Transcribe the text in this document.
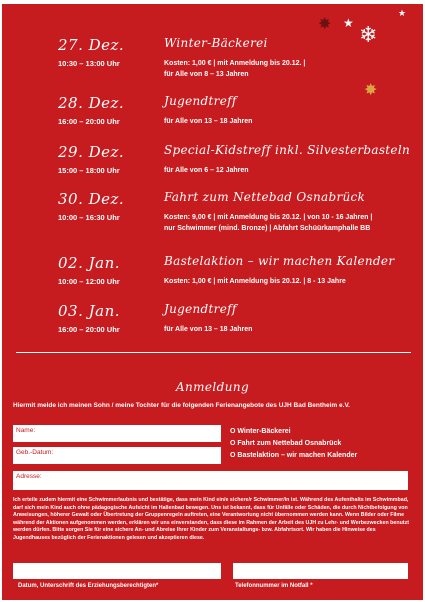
✸ ★
★
❄
✸
27. Dez.
10:30 – 13:00 Uhr
Winter-Bäckerei
Kosten: 1,00 € | mit Anmeldung bis 20.12. |
für Alle von 8 – 13 Jahren
28. Dez.
16:00 – 20:00 Uhr
Jugendtreff
für Alle von 13 – 18 Jahren
29. Dez.
15:00 – 18:00 Uhr
Special-Kidstreff inkl. Silvesterbasteln
für Alle von 6 – 12 Jahren
30. Dez.
10:00 – 16:30 Uhr
Fahrt zum Nettebad Osnabrück
Kosten: 9,00 € | mit Anmeldung bis 20.12. | von 10 - 16 Jahren |
nur Schwimmer (mind. Bronze) | Abfahrt Schüürkamphalle BB
02. Jan.
10:00 – 12:00 Uhr
Bastelaktion – wir machen Kalender
Kosten: 1,00 € | mit Anmeldung bis 20.12. | 8 - 13 Jahre
03. Jan.
16:00 – 20:00 Uhr
Jugendtreff
für Alle von 13 – 18 Jahren
Anmeldung
Hiermit melde ich meinen Sohn / meine Tochter für die folgenden Ferienangebote des UJH Bad Bentheim e.V.
Name:
Geb.-Datum:
Adresse:
O Winter-Bäckerei
O Fahrt zum Nettebad Osnabrück
O Bastelaktion – wir machen Kalender
Ich erteile zudem hiermit eine Schwimmerlaubnis und bestätige, dass mein Kind ein/e sichere/r Schwimmer/in ist. Während des Aufenthalts im Schwimmbad, darf sich mein Kind auch ohne pädagogische Aufsicht im Hallenbad bewegen. Uns ist bekannt, dass für Unfälle oder Schäden, die durch Nichtbefolgung von Anweisungen, höherer Gewalt oder Übertretung der Gruppenregeln auftreten, eine Verantwortung nicht übernommen werden kann. Wenn Bilder oder Filme während der Aktionen aufgenommen werden, erklären wir uns einverstanden, dass diese im Rahmen der Arbeit des UJH zu Lehr- und Werbezwecken benutzt werden dürfen. Bitte sorgen Sie für eine sichere An- und Abreise Ihrer Kinder zum Veranstaltungs- bzw. Abfahrtsort. Wir haben die Hinweise des Jugendhauses bezüglich der Ferienaktionen gelesen und akzeptieren diese.
Datum, Unterschrift des Erziehungsberechtigten*	Telefonnummer im Notfall *
